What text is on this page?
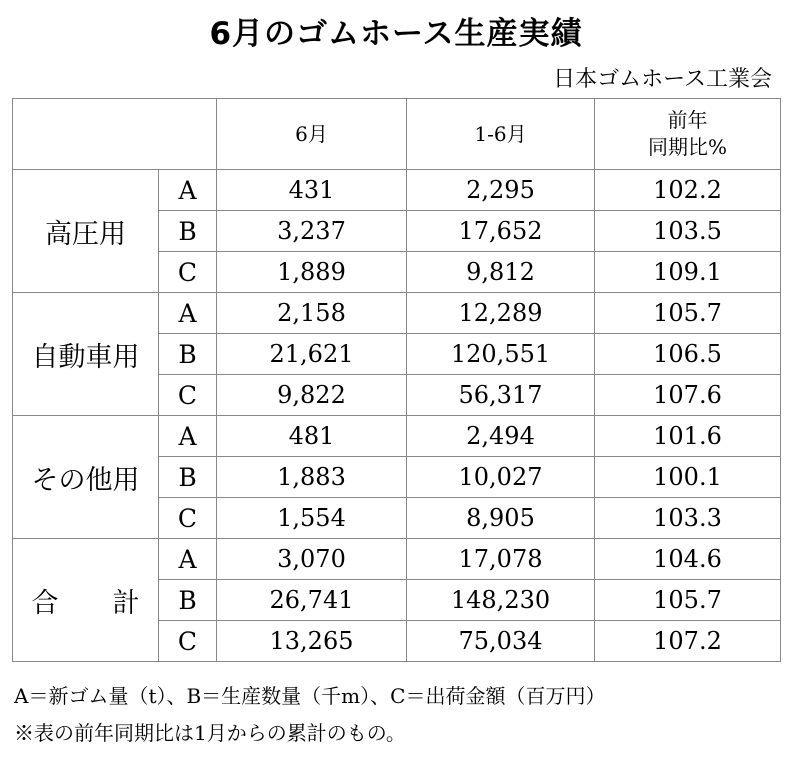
6月のゴムホース生産実績
日本ゴムホース工業会
		6月	1-6月	前年
同期比%

高圧用	A	431	2,295	102.2
	B	3,237	17,652	103.5
	C	1,889	9,812	109.1
自動車用	A	2,158	12,289	105.7
	B	21,621	120,551	106.5
	C	9,822	56,317	107.6
その他用	A	481	2,494	101.6
	B	1,883	10,027	100.1
	C	1,554	8,905	103.3
合　　計	A	3,070	17,078	104.6
	B	26,741	148,230	105.7
	C	13,265	75,034	107.2
A＝新ゴム量（t）、B＝生産数量（千m）、C＝出荷金額（百万円）
※表の前年同期比は1月からの累計のもの。
